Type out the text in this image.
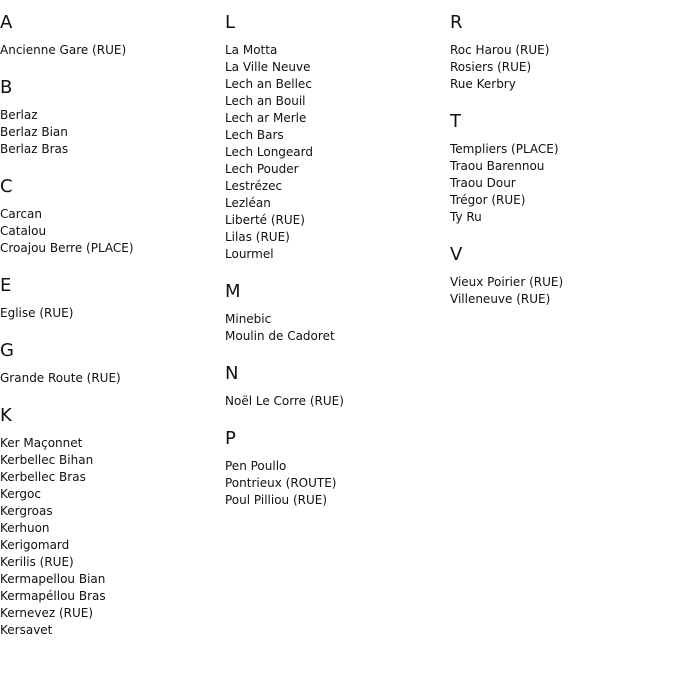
A
Ancienne Gare (RUE)
B
Berlaz
Berlaz Bian
Berlaz Bras
C
Carcan
Catalou
Croajou Berre (PLACE)
E
Eglise (RUE)
G
Grande Route (RUE)
K
Ker Maçonnet
Kerbellec Bihan
Kerbellec Bras
Kergoc
Kergroas
Kerhuon
Kerigomard
Kerilis (RUE)
Kermapellou Bian
Kermapéllou Bras
Kernevez (RUE)
Kersavet
L
La Motta
La Ville Neuve
Lech an Bellec
Lech an Bouil
Lech ar Merle
Lech Bars
Lech Longeard
Lech Pouder
Lestrézec
Lezléan
Liberté (RUE)
Lilas (RUE)
Lourmel
M
Minebic
Moulin de Cadoret
N
Noël Le Corre (RUE)
P
Pen Poullo
Pontrieux (ROUTE)
Poul Pilliou (RUE)
R
Roc Harou (RUE)
Rosiers (RUE)
Rue Kerbry
T
Templiers (PLACE)
Traou Barennou
Traou Dour
Trégor (RUE)
Ty Ru
V
Vieux Poirier (RUE)
Villeneuve (RUE)
